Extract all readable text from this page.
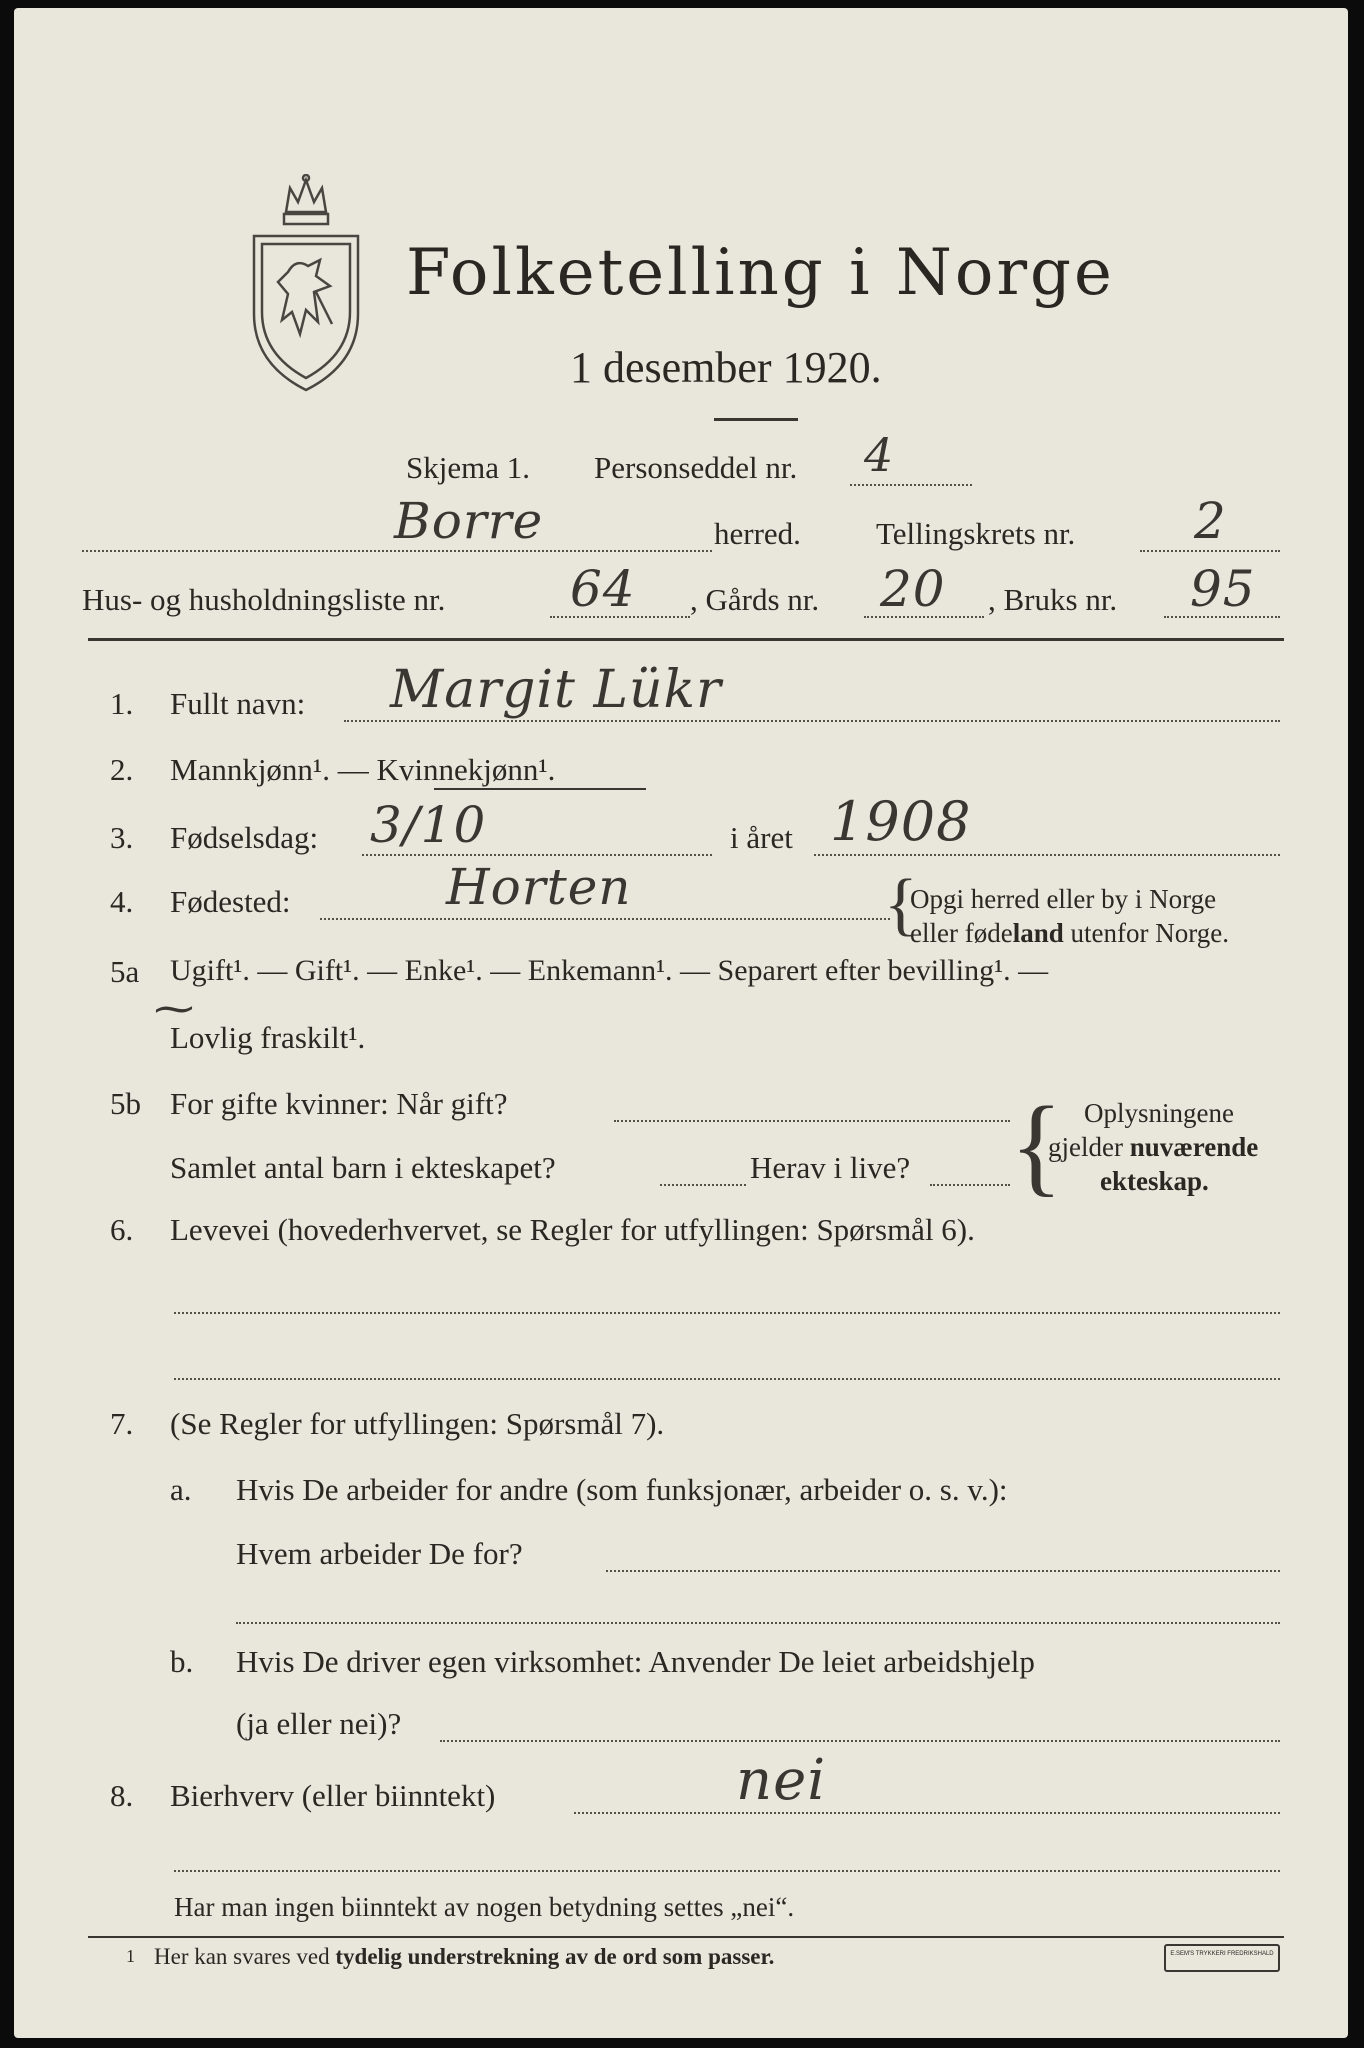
Folketelling i Norge
1 desember 1920.
Skjema 1. Personseddel nr. 4
Borre	herred. Tellingskrets nr. 2
Hus- og husholdningsliste nr. 64 , Gårds nr. 20 , Bruks nr. 95
1. Fullt navn: Margit Lükr
2. Mannkjønn¹. — Kvinnekjønn¹.
3. Fødselsdag: 3/10	i året 1908
4. Fødested:	Horten	{
Opgi herred eller by i Norge
eller fødeland utenfor Norge.
5a Ugift¹. — Gift¹. — Enke¹. — Enkemann¹. — Separert efter bevilling¹. —
⁓
Lovlig fraskilt¹.
5b For gifte kvinner: Når gift?
Samlet antal barn i ekteskapet?	Herav i live? { Oplysningene
gjelder nuværende
ekteskap.
6. Levevei (hovederhvervet, se Regler for utfyllingen: Spørsmål 6).
7. (Se Regler for utfyllingen: Spørsmål 7).
a. Hvis De arbeider for andre (som funksjonær, arbeider o. s. v.):
Hvem arbeider De for?
b. Hvis De driver egen virksomhet: Anvender De leiet arbeidshjelp
(ja eller nei)?
8. Bierhverv (eller biinntekt)	nei
Har man ingen biinntekt av nogen betydning settes „nei“.
1 Her kan svares ved tydelig understrekning av de ord som passer.	E.SEM'S TRYKKERI FREDRIKSHALD
